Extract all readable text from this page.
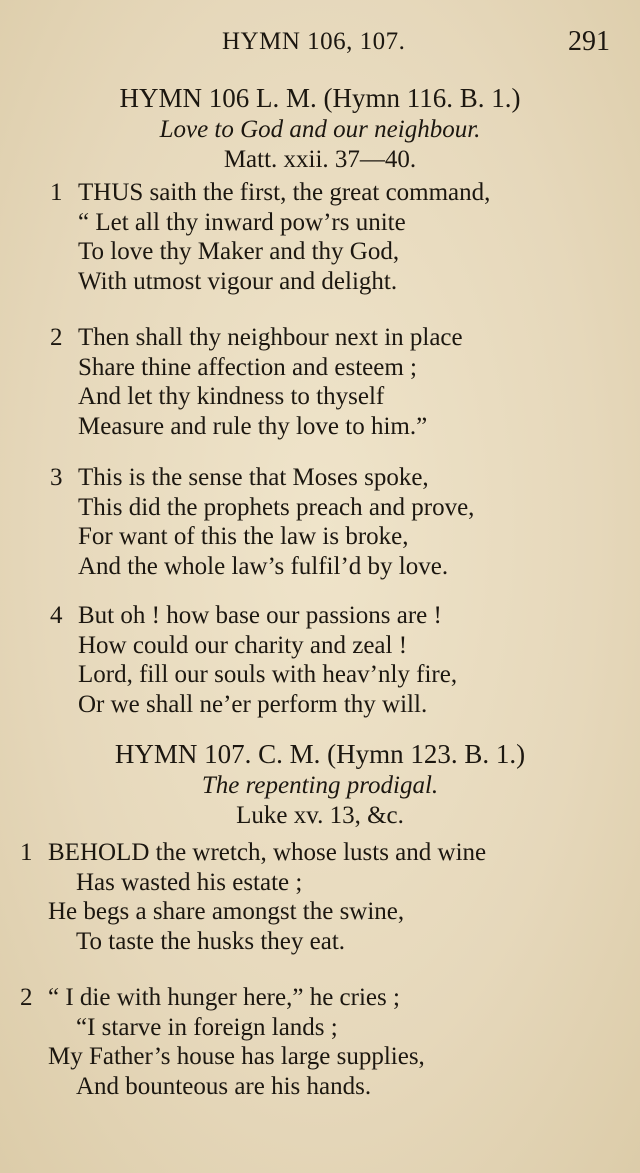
HYMN 106, 107.	291
HYMN 106 L. M. (Hymn 116. B. 1.)
Love to God and our neighbour.
Matt. xxii. 37—40.
1 THUS saith the first, the great command,
“ Let all thy inward pow’rs unite
To love thy Maker and thy God,
With utmost vigour and delight.
2 Then shall thy neighbour next in place
Share thine affection and esteem ;
And let thy kindness to thyself
Measure and rule thy love to him.”
3 This is the sense that Moses spoke,
This did the prophets preach and prove,
For want of this the law is broke,
And the whole law’s fulfil’d by love.
4 But oh ! how base our passions are !
How could our charity and zeal !
Lord, fill our souls with heav’nly fire,
Or we shall ne’er perform thy will.
HYMN 107. C. M. (Hymn 123. B. 1.)
The repenting prodigal.
Luke xv. 13, &c.
1 BEHOLD the wretch, whose lusts and wine
Has wasted his estate ;
He begs a share amongst the swine,
To taste the husks they eat.
2 “ I die with hunger here,” he cries ;
“I starve in foreign lands ;
My Father’s house has large supplies,
And bounteous are his hands.
